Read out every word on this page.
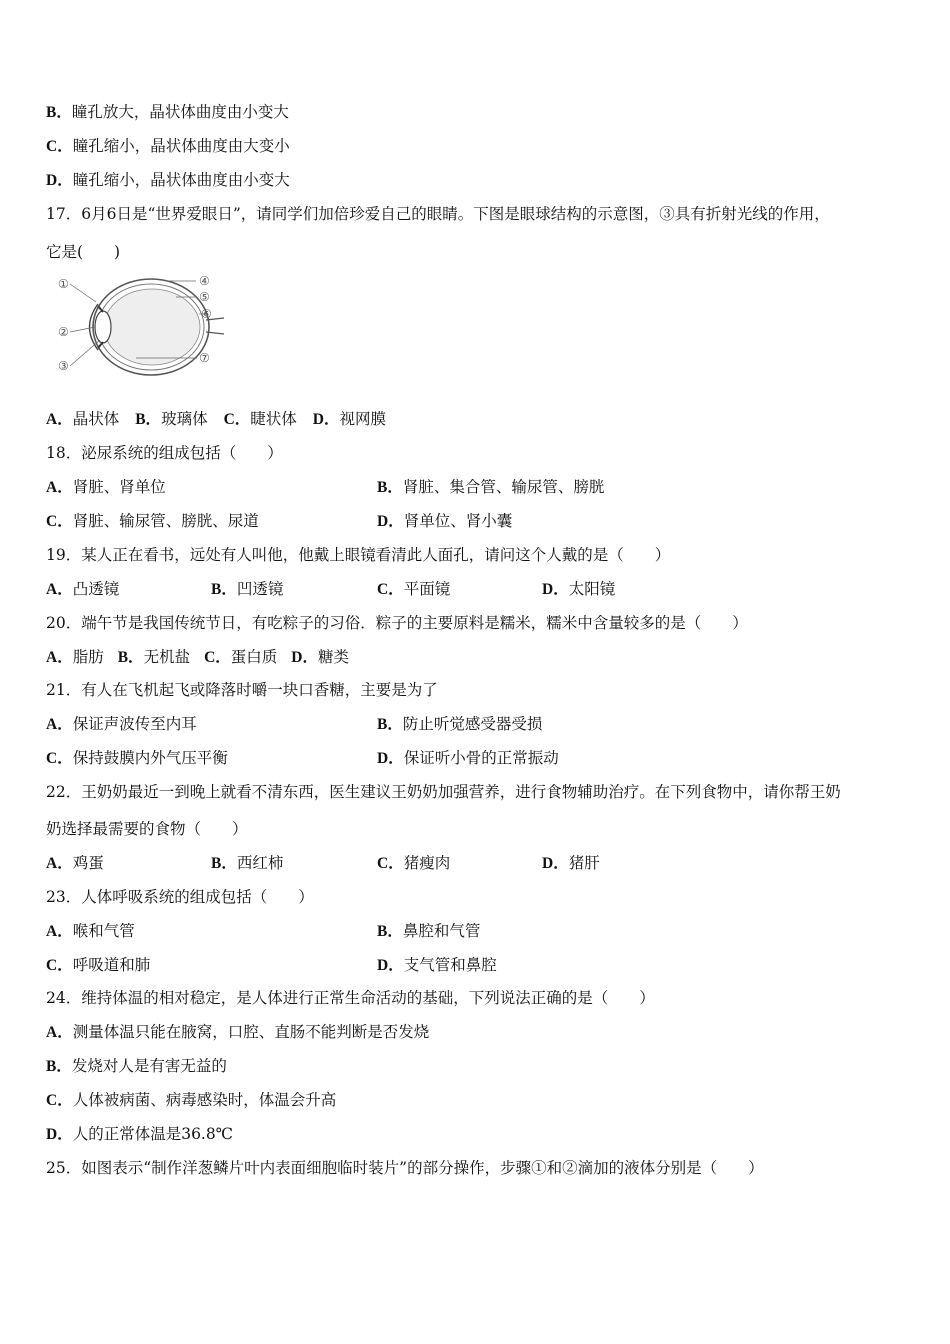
B．瞳孔放大，晶状体曲度由小变大
C．瞳孔缩小，晶状体曲度由大变小
D．瞳孔缩小，晶状体曲度由小变大
17．6月6日是“世界爱眼日”，请同学们加倍珍爱自己的眼睛。下图是眼球结构的示意图，③具有折射光线的作用，
它是(　　)
①
②
③
④
⑤
⑥
⑦
A．晶状体 B．玻璃体 C．睫状体 D．视网膜
18．泌尿系统的组成包括（　　）
A．肾脏、肾单位	B．肾脏、集合管、输尿管、膀胱
C．肾脏、输尿管、膀胱、尿道	D．肾单位、肾小囊
19．某人正在看书，远处有人叫他，他戴上眼镜看清此人面孔，请问这个人戴的是（　　）
A．凸透镜	B．凹透镜	C．平面镜	D．太阳镜
20．端午节是我国传统节日，有吃粽子的习俗．粽子的主要原料是糯米，糯米中含量较多的是（　　）
A．脂肪 B．无机盐 C．蛋白质 D．糖类
21．有人在飞机起飞或降落时嚼一块口香糖，主要是为了
A．保证声波传至内耳	B．防止听觉感受器受损
C．保持鼓膜内外气压平衡	D．保证听小骨的正常振动
22．王奶奶最近一到晚上就看不清东西，医生建议王奶奶加强营养，进行食物辅助治疗。在下列食物中，请你帮王奶
奶选择最需要的食物（　　）
A．鸡蛋	B．西红柿	C．猪瘦肉	D．猪肝
23．人体呼吸系统的组成包括（　　）
A．喉和气管	B．鼻腔和气管
C．呼吸道和肺	D．支气管和鼻腔
24．维持体温的相对稳定，是人体进行正常生命活动的基础，下列说法正确的是（　　）
A．测量体温只能在腋窝，口腔、直肠不能判断是否发烧
B．发烧对人是有害无益的
C．人体被病菌、病毒感染时，体温会升高
D．人的正常体温是36.8℃
25．如图表示“制作洋葱鳞片叶内表面细胞临时装片”的部分操作，步骤①和②滴加的液体分别是（　　）
